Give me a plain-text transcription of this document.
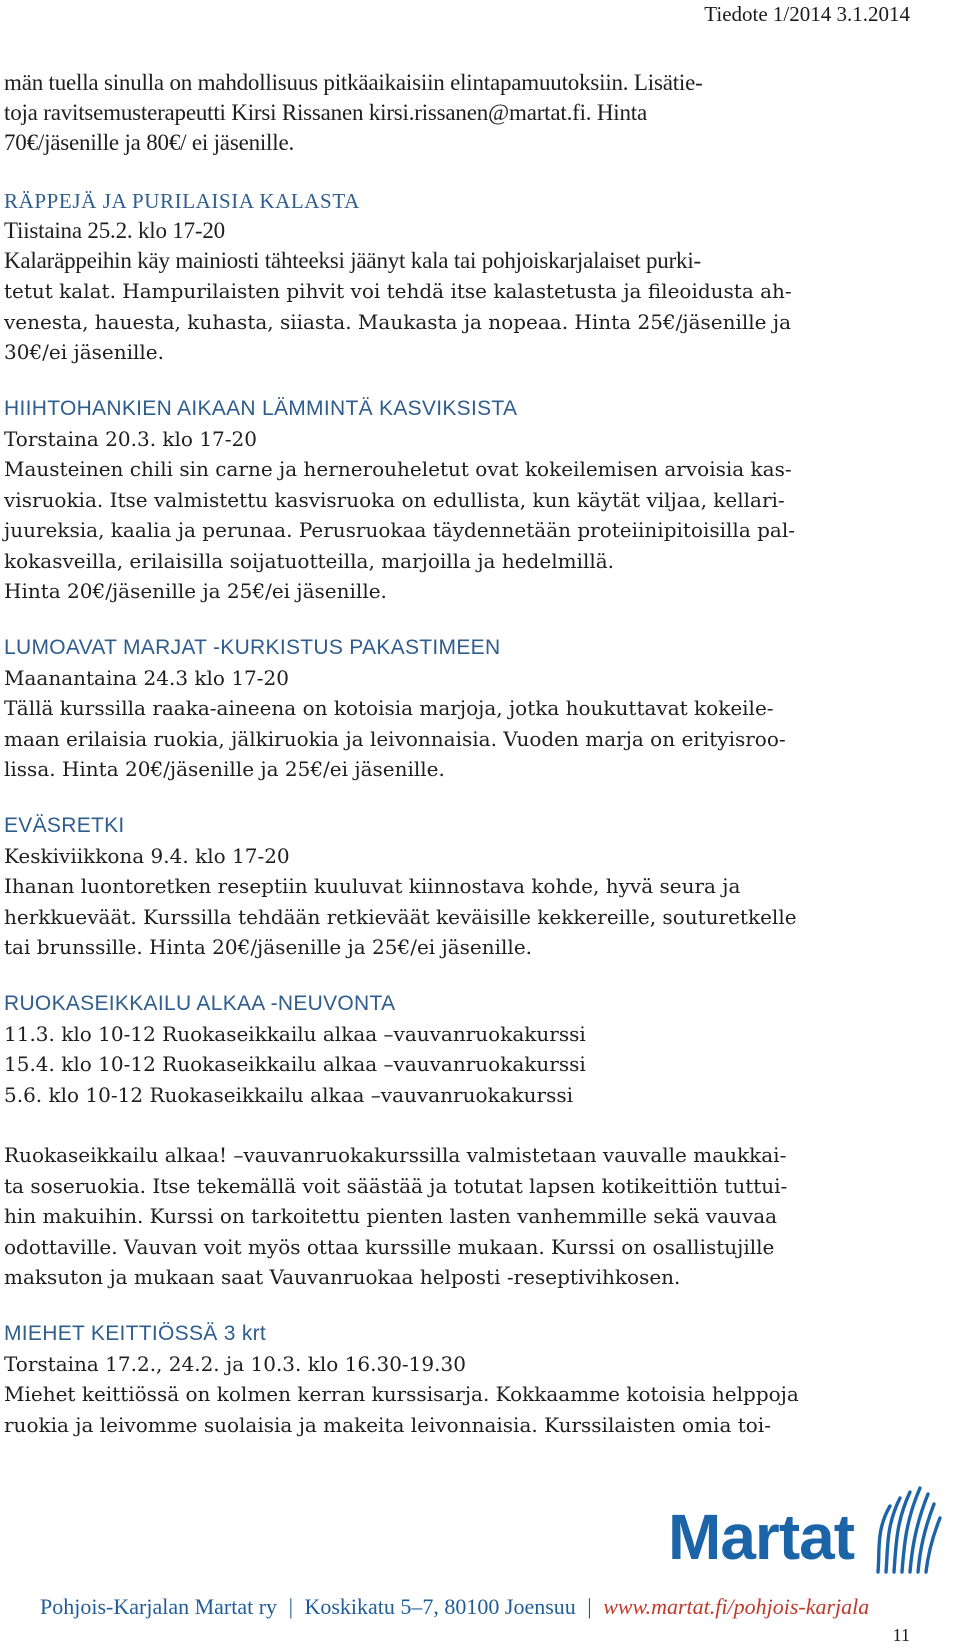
Tiedote 1/2014 3.1.2014

män tuella sinulla on mahdollisuus pitkäaikaisiin elintapamuutoksiin. Lisätie-

toja ravitsemusterapeutti Kirsi Rissanen kirsi.rissanen@martat.fi. Hinta

70€/jäsenille ja 80€/ ei jäsenille.

RÄPPEJÄ JA PURILAISIA KALASTA

Tiistaina 25.2. klo 17-20

Kalaräppeihin käy mainiosti tähteeksi jäänyt kala tai pohjoiskarjalaiset purki-

tetut kalat. Hampurilaisten pihvit voi tehdä itse kalastetusta ja fileoidusta ah-

venesta, hauesta, kuhasta, siiasta. Maukasta ja nopeaa. Hinta 25€/jäsenille ja

30€/ei jäsenille.

HIIHTOHANKIEN AIKAAN LÄMMINTÄ KASVIKSISTA

Torstaina 20.3. klo 17-20

Mausteinen chili sin carne ja hernerouheletut ovat kokeilemisen arvoisia kas-

visruokia. Itse valmistettu kasvisruoka on edullista, kun käytät viljaa, kellari-

juureksia, kaalia ja perunaa. Perusruokaa täydennetään proteiinipitoisilla pal-

kokasveilla, erilaisilla soijatuotteilla, marjoilla ja hedelmillä.

Hinta 20€/jäsenille ja 25€/ei jäsenille.

LUMOAVAT MARJAT -KURKISTUS PAKASTIMEEN

Maanantaina 24.3 klo 17-20

Tällä kurssilla raaka-aineena on kotoisia marjoja, jotka houkuttavat kokeile-

maan erilaisia ruokia, jälkiruokia ja leivonnaisia. Vuoden marja on erityisroo-

lissa. Hinta 20€/jäsenille ja 25€/ei jäsenille.

EVÄSRETKI

Keskiviikkona 9.4. klo 17-20

Ihanan luontoretken reseptiin kuuluvat kiinnostava kohde, hyvä seura ja

herkkueväät. Kurssilla tehdään retkieväät keväisille kekkereille, souturetkelle

tai brunssille. Hinta 20€/jäsenille ja 25€/ei jäsenille.

RUOKASEIKKAILU ALKAA -NEUVONTA

11.3. klo 10-12 Ruokaseikkailu alkaa –vauvanruokakurssi

15.4. klo 10-12 Ruokaseikkailu alkaa –vauvanruokakurssi

5.6. klo 10-12 Ruokaseikkailu alkaa –vauvanruokakurssi

Ruokaseikkailu alkaa! –vauvanruokakurssilla valmistetaan vauvalle maukkai-

ta soseruokia. Itse tekemällä voit säästää ja totutat lapsen kotikeittiön tuttui-

hin makuihin. Kurssi on tarkoitettu pienten lasten vanhemmille sekä vauvaa

odottaville. Vauvan voit myös ottaa kurssille mukaan. Kurssi on osallistujille

maksuton ja mukaan saat Vauvanruokaa helposti -reseptivihkosen.

MIEHET KEITTIÖSSÄ 3 krt

Torstaina 17.2., 24.2. ja 10.3. klo 16.30-19.30

Miehet keittiössä on kolmen kerran kurssisarja. Kokkaamme kotoisia helppoja

ruokia ja leivomme suolaisia ja makeita leivonnaisia. Kurssilaisten omia toi-

Martat
Pohjois-Karjalan Martat ry | Koskikatu 5–7, 80100 Joensuu | www.martat.fi/pohjois-karjala
11
